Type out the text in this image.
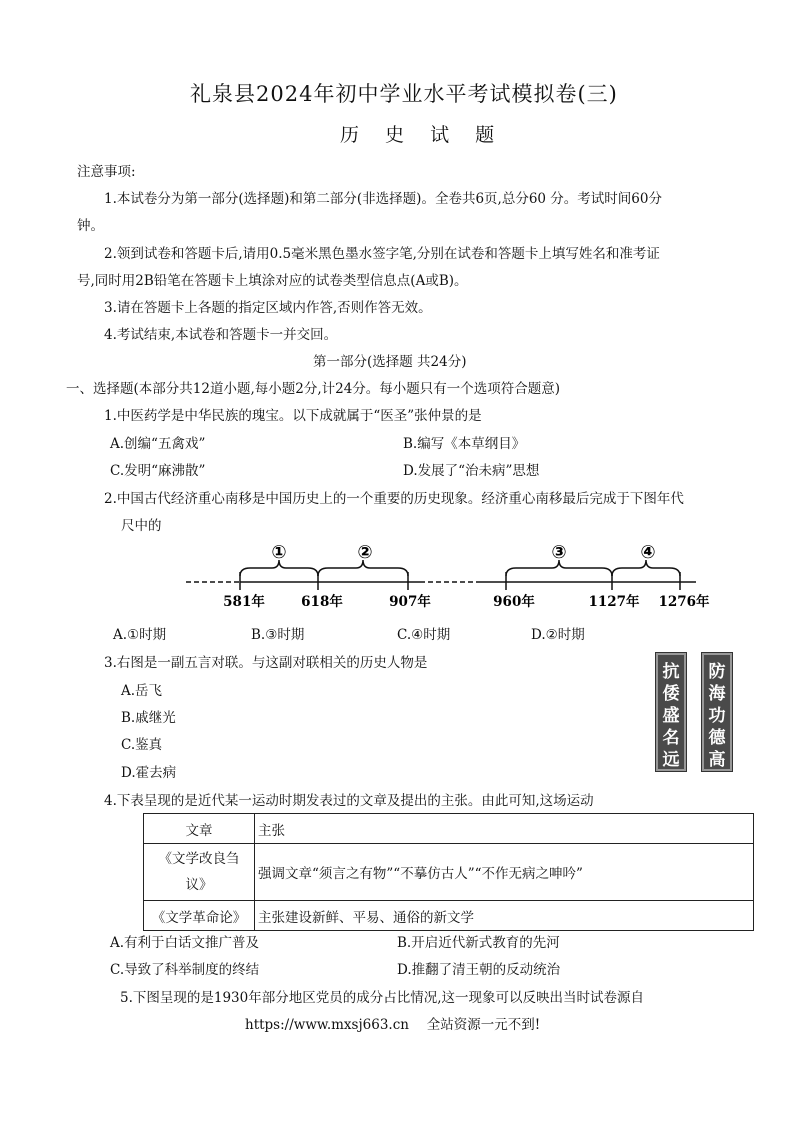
礼泉县2024年初中学业水平考试模拟卷(三)
历 史 试 题
注意事项:
1.本试卷分为第一部分(选择题)和第二部分(非选择题)。全卷共6页,总分60 分。考试时间60分
钟。
2.领到试卷和答题卡后,请用0.5毫米黑色墨水签字笔,分别在试卷和答题卡上填写姓名和准考证
号,同时用2B铅笔在答题卡上填涂对应的试卷类型信息点(A或B)。
3.请在答题卡上各题的指定区域内作答,否则作答无效。
4.考试结束,本试卷和答题卡一并交回。
第一部分(选择题 共24分)
一、选择题(本部分共12道小题,每小题2分,计24分。每小题只有一个选项符合题意)
1.中医药学是中华民族的瑰宝。以下成就属于“医圣”张仲景的是
A.创编“五禽戏”	B.编写《本草纲目》
C.发明“麻沸散”	D.发展了“治未病”思想
2.中国古代经济重心南移是中国历史上的一个重要的历史现象。经济重心南移最后完成于下图年代
尺中的
①	②	③	④
581年	618年	907年	960年	1127年 1276年
A.①时期	B.③时期	C.④时期	D.②时期
3.右图是一副五言对联。与这副对联相关的历史人物是
A.岳飞
B.戚继光
C.鉴真
D.霍去病
抗倭盛名远
防海功德高
4.下表呈现的是近代某一运动时期发表过的文章及提出的主张。由此可知,这场运动
文章	主张

《文学改良刍
议》	强调文章“须言之有物”“不摹仿古人”“不作无病之呻吟”
《文学革命论》	主张建设新鲜、平易、通俗的新文学
A.有利于白话文推广普及	B.开启近代新式教育的先河
C.导致了科举制度的终结	D.推翻了清王朝的反动统治
5.下图呈现的是1930年部分地区党员的成分占比情况,这一现象可以反映出当时试卷源自
https://www.mxsj663.cn　 全站资源一元不到!
